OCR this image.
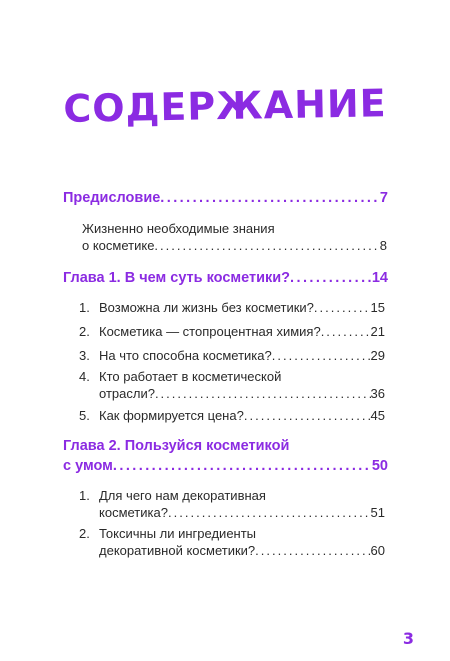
СОДЕРЖАНИЕ
Предисловие . . .	7
Жизненно необходимые знания
о косметике . . .	8
Глава 1. В чем суть косметики? . . .	14
1. Возможна ли жизнь без косметики? . . .	15
2. Косметика — стопроцентная химия? . . .	21
3. На что способна косметика? . . .	29
4. Кто работает в косметической
отрасли? . . .	36
5. Как формируется цена? . . .	45
Глава 2. Пользуйся косметикой
с умом . . .	50
1. Для чего нам декоративная
косметика? . . .	51
2. Токсичны ли ингредиенты
декоративной косметики? . . .	60
3
